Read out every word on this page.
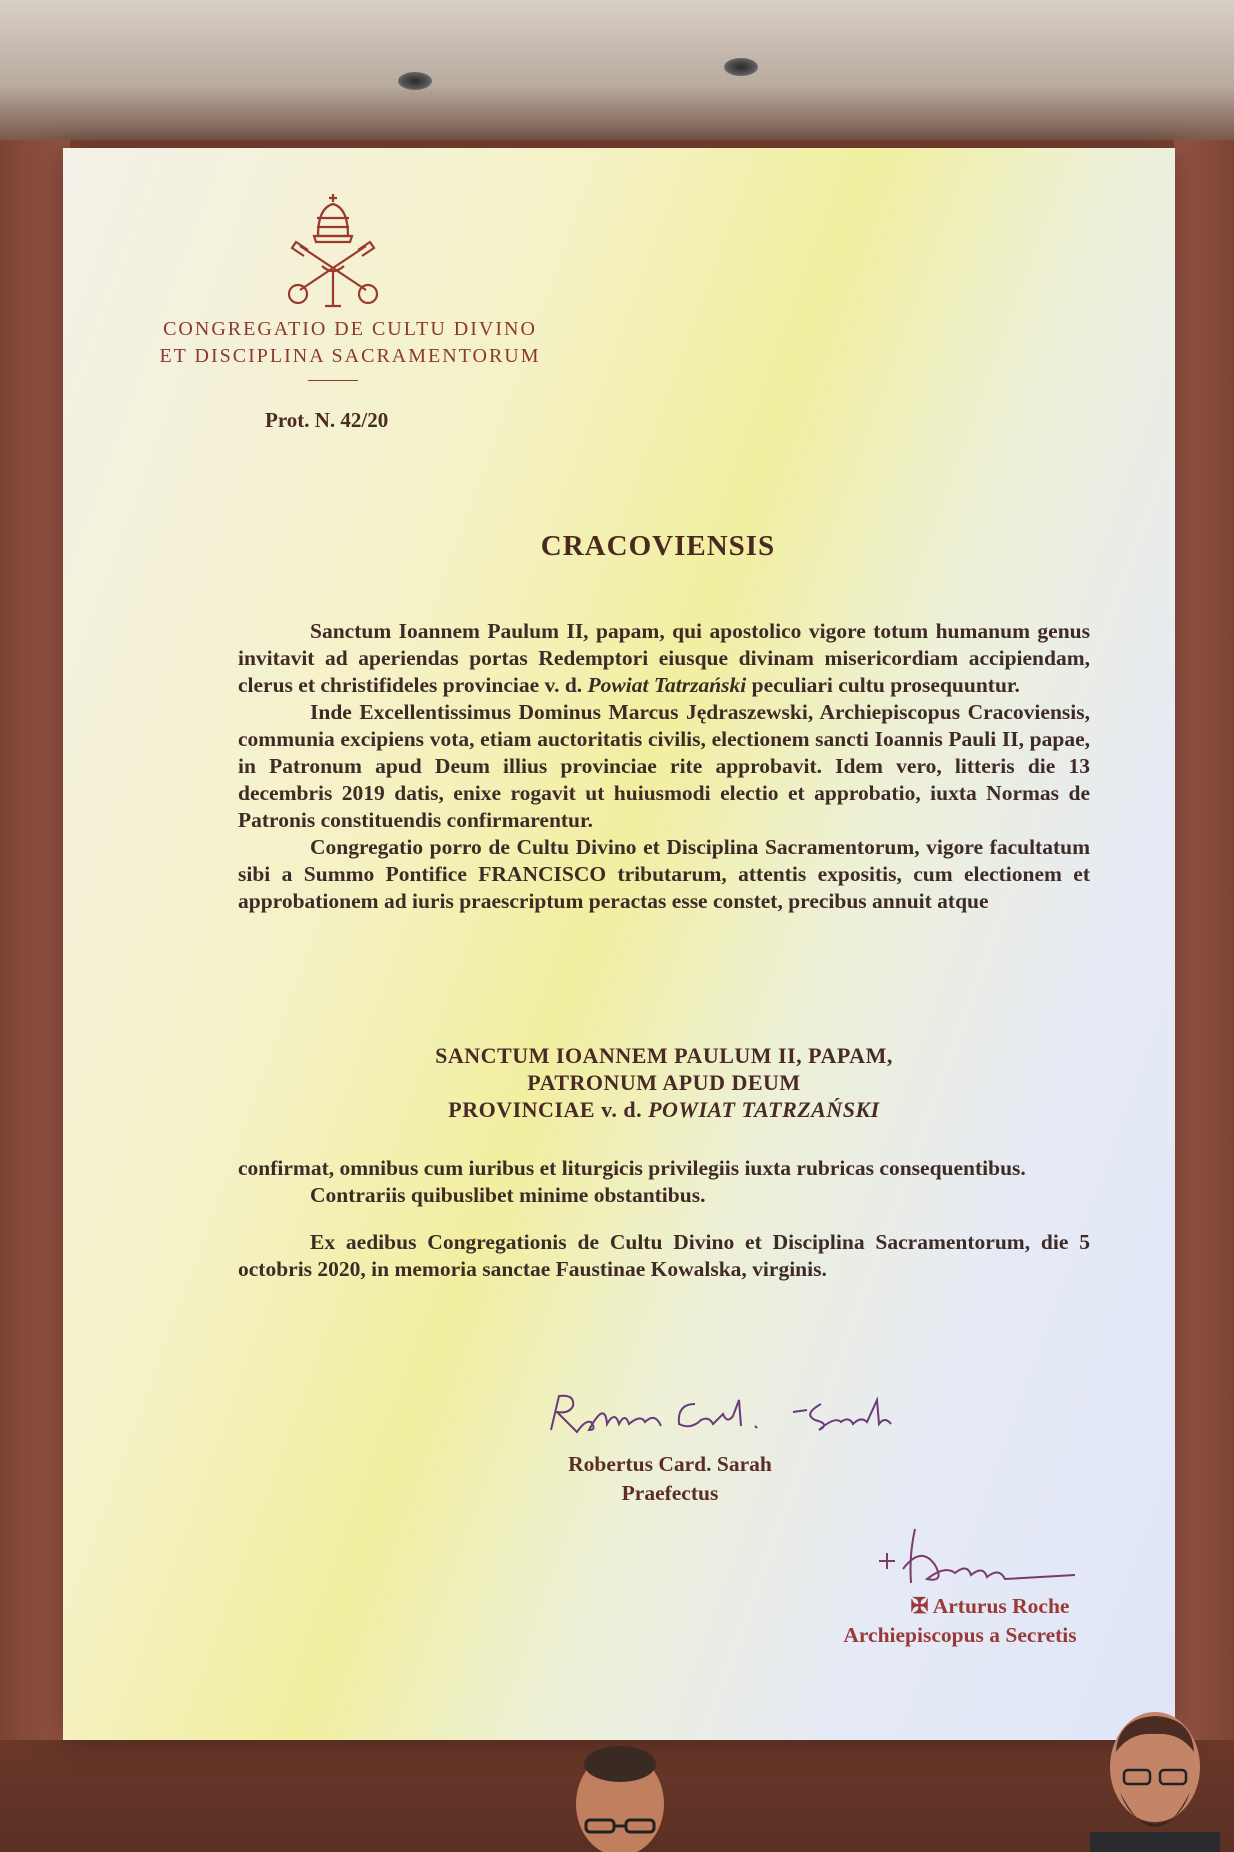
CONGREGATIO DE CULTU DIVINO
ET DISCIPLINA SACRAMENTORUM
Prot. N. 42/20
CRACOVIENSIS

Sanctum Ioannem Paulum II, papam, qui apostolico vigore totum humanum genus invitavit ad aperiendas portas Redemptori eiusque divinam misericordiam accipiendam, clerus et christifideles provinciae v. d. Powiat Tatrzański peculiari cultu prosequuntur.

Inde Excellentissimus Dominus Marcus Jędraszewski, Archiepiscopus Cracoviensis, communia excipiens vota, etiam auctoritatis civilis, electionem sancti Ioannis Pauli II, papae, in Patronum apud Deum illius provinciae rite approbavit. Idem vero, litteris die 13 decembris 2019 datis, enixe rogavit ut huiusmodi electio et approbatio, iuxta Normas de Patronis constituendis confirmarentur.

Congregatio porro de Cultu Divino et Disciplina Sacramentorum, vigore facultatum sibi a Summo Pontifice FRANCISCO tributarum, attentis expositis, cum electionem et approbationem ad iuris praescriptum peractas esse constet, precibus annuit atque

SANCTUM IOANNEM PAULUM II, PAPAM,
PATRONUM APUD DEUM
PROVINCIAE v. d. POWIAT TATRZAŃSKI

confirmat, omnibus cum iuribus et liturgicis privilegiis iuxta rubricas consequentibus.

Contrariis quibuslibet minime obstantibus.

Ex aedibus Congregationis de Cultu Divino et Disciplina Sacramentorum, die 5 octobris 2020, in memoria sanctae Faustinae Kowalska, virginis.

Robertus Card. Sarah
Praefectus
✠ Arturus Roche
Archiepiscopus a Secretis
